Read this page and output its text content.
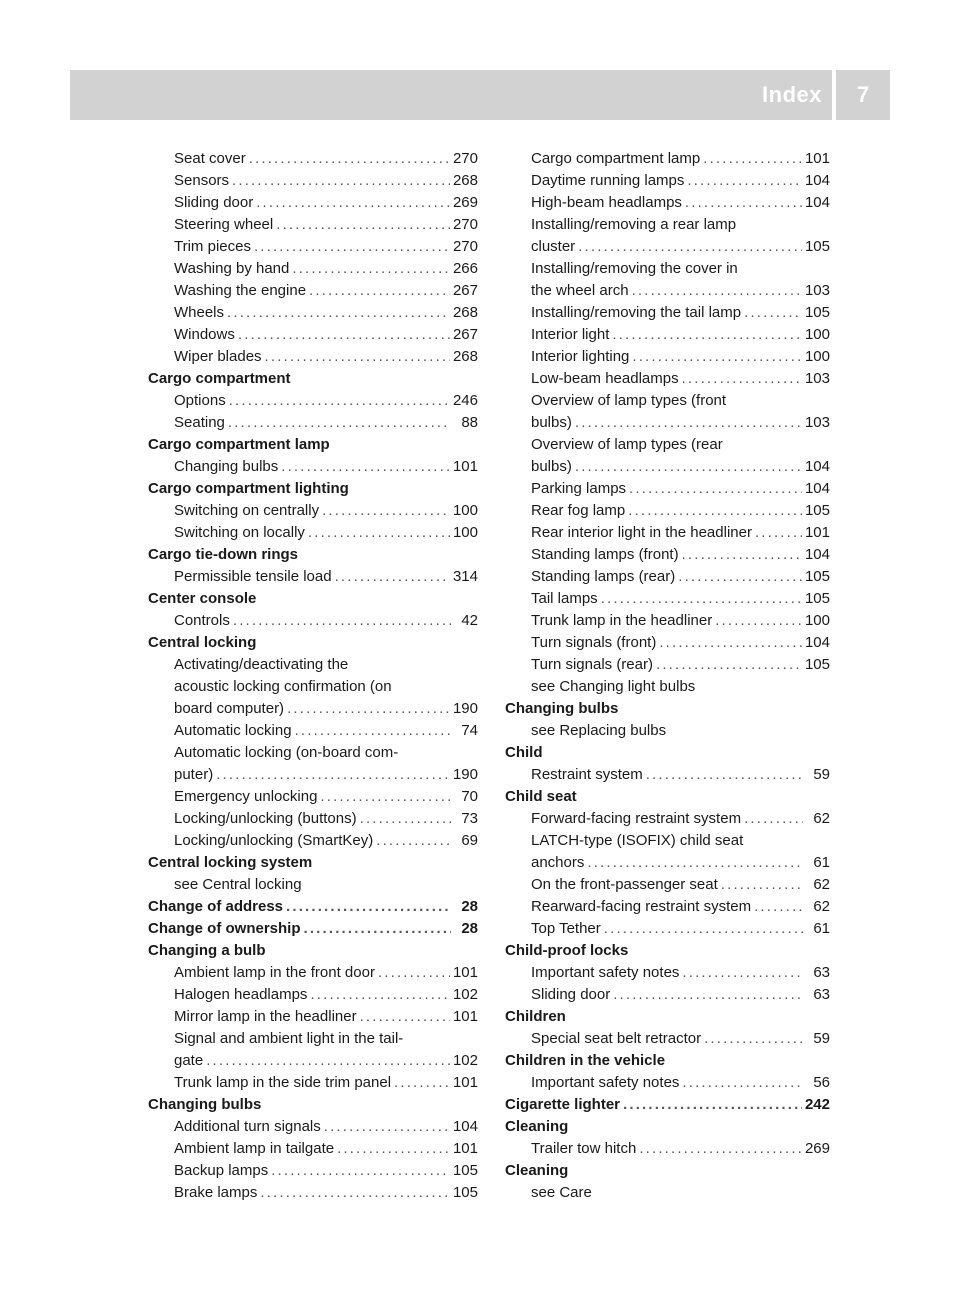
Index	7
Seat cover . . .	270
Sensors . . .	268
Sliding door . . .	269
Steering wheel . . .	270
Trim pieces . . .	270
Washing by hand . . .	266
Washing the engine . . .	267
Wheels . . .	268
Windows . . .	267
Wiper blades . . .	268
Cargo compartment
Options . . .	246
Seating . . .	88
Cargo compartment lamp
Changing bulbs . . .	101
Cargo compartment lighting
Switching on centrally . . .	100
Switching on locally . . .	100
Cargo tie-down rings
Permissible tensile load . . .	314
Center console
Controls . . .	42
Central locking
Activating/deactivating the
acoustic locking confirmation (on
board computer) . . .	190
Automatic locking . . .	74
Automatic locking (on-board com-
puter) . . .	190
Emergency unlocking . . .	70
Locking/unlocking (buttons) . . .	73
Locking/unlocking (SmartKey) . . .	69
Central locking system
see Central locking
Change of address . . .	28
Change of ownership . . .	28
Changing a bulb
Ambient lamp in the front door . . .	101
Halogen headlamps . . .	102
Mirror lamp in the headliner . . .	101
Signal and ambient light in the tail-
gate . . .	102
Trunk lamp in the side trim panel . . .	101
Changing bulbs
Additional turn signals . . .	104
Ambient lamp in tailgate . . .	101
Backup lamps . . .	105
Brake lamps . . .	105
Cargo compartment lamp . . .	101
Daytime running lamps . . .	104
High-beam headlamps . . .	104
Installing/removing a rear lamp
cluster . . .	105
Installing/removing the cover in
the wheel arch . . .	103
Installing/removing the tail lamp . . .	105
Interior light . . .	100
Interior lighting . . .	100
Low-beam headlamps . . .	103
Overview of lamp types (front
bulbs) . . .	103
Overview of lamp types (rear
bulbs) . . .	104
Parking lamps . . .	104
Rear fog lamp . . .	105
Rear interior light in the headliner . . .	101
Standing lamps (front) . . .	104
Standing lamps (rear) . . .	105
Tail lamps . . .	105
Trunk lamp in the headliner . . .	100
Turn signals (front) . . .	104
Turn signals (rear) . . .	105
see Changing light bulbs
Changing bulbs
see Replacing bulbs
Child
Restraint system . . .	59
Child seat
Forward-facing restraint system . . .	62
LATCH-type (ISOFIX) child seat
anchors . . .	61
On the front-passenger seat . . .	62
Rearward-facing restraint system . . .	62
Top Tether . . .	61
Child-proof locks
Important safety notes . . .	63
Sliding door . . .	63
Children
Special seat belt retractor . . .	59
Children in the vehicle
Important safety notes . . .	56
Cigarette lighter . . .	242
Cleaning
Trailer tow hitch . . .	269
Cleaning
see Care
